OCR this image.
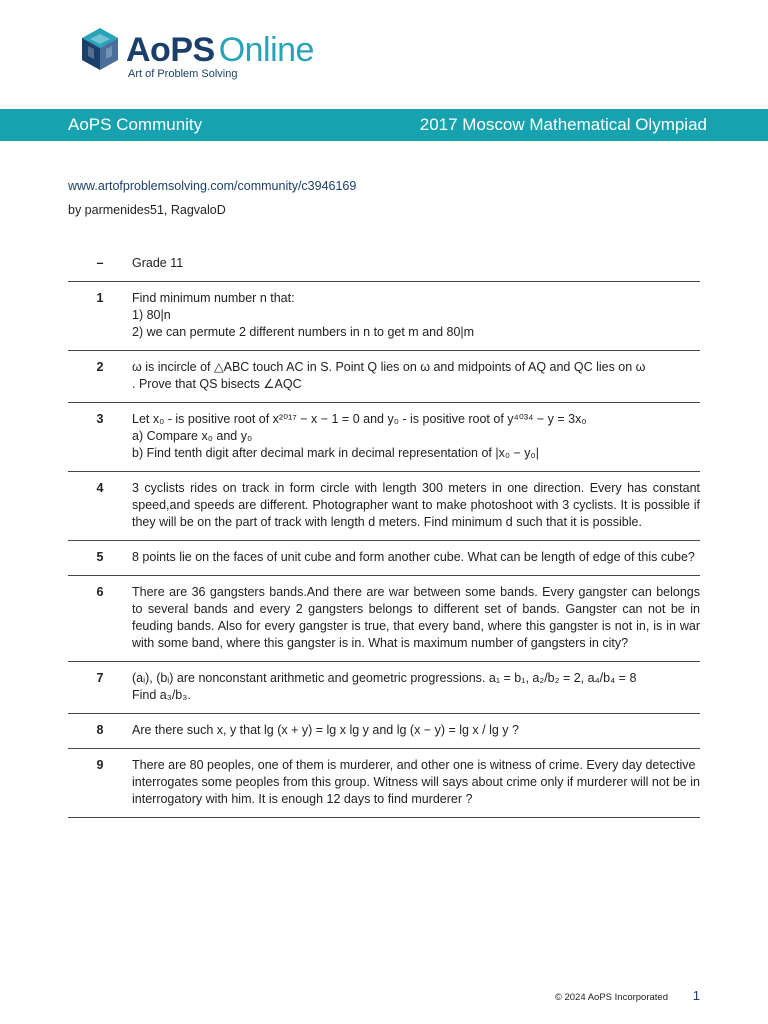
AoPS Online
Art of Problem Solving
AoPS Community	2017 Moscow Mathematical Olympiad
www.artofproblemsolving.com/community/c3946169
by parmenides51, RagvaloD
–	Grade 11
1	Find minimum number n that:
1) 80|n
2) we can permute 2 different numbers in n to get m and 80|m
2	ω is incircle of △ABC touch AC in S. Point Q lies on ω and midpoints of AQ and QC lies on ω
. Prove that QS bisects ∠AQC
3	Let x₀ - is positive root of x²⁰¹⁷ − x − 1 = 0 and y₀ - is positive root of y⁴⁰³⁴ − y = 3x₀
a) Compare x₀ and y₀
b) Find tenth digit after decimal mark in decimal representation of |x₀ − y₀|
4	3 cyclists rides on track in form circle with length 300 meters in one direction. Every has constant speed,and speeds are different. Photographer want to make photoshoot with 3 cyclists. It is possible if they will be on the part of track with length d meters. Find minimum d such that it is possible.
5	8 points lie on the faces of unit cube and form another cube. What can be length of edge of this cube?
6	There are 36 gangsters bands.And there are war between some bands. Every gangster can belongs to several bands and every 2 gangsters belongs to different set of bands. Gangster can not be in feuding bands. Also for every gangster is true, that every band, where this gangster is not in, is in war with some band, where this gangster is in. What is maximum number of gangsters in city?
7	(aᵢ), (bᵢ) are nonconstant arithmetic and geometric progressions. a₁ = b₁, a₂/b₂ = 2, a₄/b₄ = 8
Find a₃/b₃.
8	Are there such x, y that lg (x + y) = lg x lg y and lg (x − y) = lg x / lg y ?
9	There are 80 peoples, one of them is murderer, and other one is witness of crime. Every day detective
interrogates some peoples from this group. Witness will says about crime only if murderer will not be in interrogatory with him. It is enough 12 days to find murderer ?
© 2024 AoPS Incorporated 1
